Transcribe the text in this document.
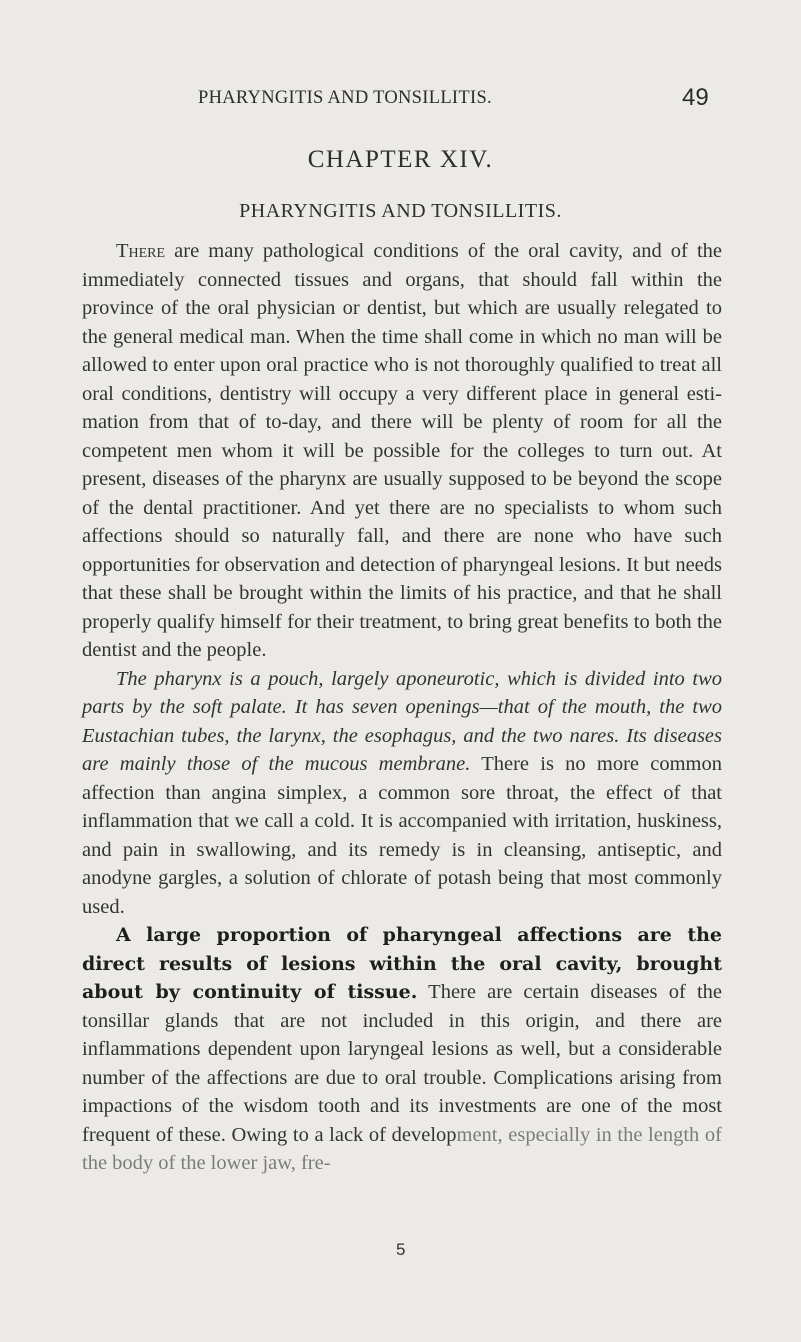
PHARYNGITIS AND TONSILLITIS.	49
CHAPTER XIV.
PHARYNGITIS AND TONSILLITIS.

There are many pathological conditions of the oral cavity, and of the immediately connected tissues and organs, that should fall within the province of the oral physician or dentist, but which are usually relegated to the general medical man. When the time shall come in which no man will be allowed to enter upon oral practice who is not thoroughly qualified to treat all oral conditions, dentistry will occupy a very different place in general estimation from that of to-day, and there will be plenty of room for all the competent men whom it will be possible for the colleges to turn out. At present, diseases of the pharynx are usually supposed to be beyond the scope of the dental practitioner. And yet there are no specialists to whom such affections should so naturally fall, and there are none who have such opportunities for observation and detection of pharyngeal lesions. It but needs that these shall be brought within the limits of his practice, and that he shall properly qualify himself for their treatment, to bring great benefits to both the dentist and the people.

The pharynx is a pouch, largely aponeurotic, which is divided into two parts by the soft palate. It has seven openings—that of the mouth, the two Eustachian tubes, the larynx, the esophagus, and the two nares. Its diseases are mainly those of the mucous membrane. There is no more common affection than angina simplex, a common sore throat, the effect of that inflammation that we call a cold. It is accompanied with irritation, huskiness, and pain in swallowing, and its remedy is in cleansing, antiseptic, and anodyne gargles, a solution of chlorate of potash being that most commonly used.

A large proportion of pharyngeal affections are the direct results of lesions within the oral cavity, brought about by continuity of tissue. There are certain diseases of the tonsillar glands that are not included in this origin, and there are inflammations dependent upon laryngeal lesions as well, but a considerable number of the affections are due to oral trouble. Complications arising from impactions of the wisdom tooth and its investments are one of the most frequent of these. Owing to a lack of development, especially in the length of the body of the lower jaw, fre-

5
